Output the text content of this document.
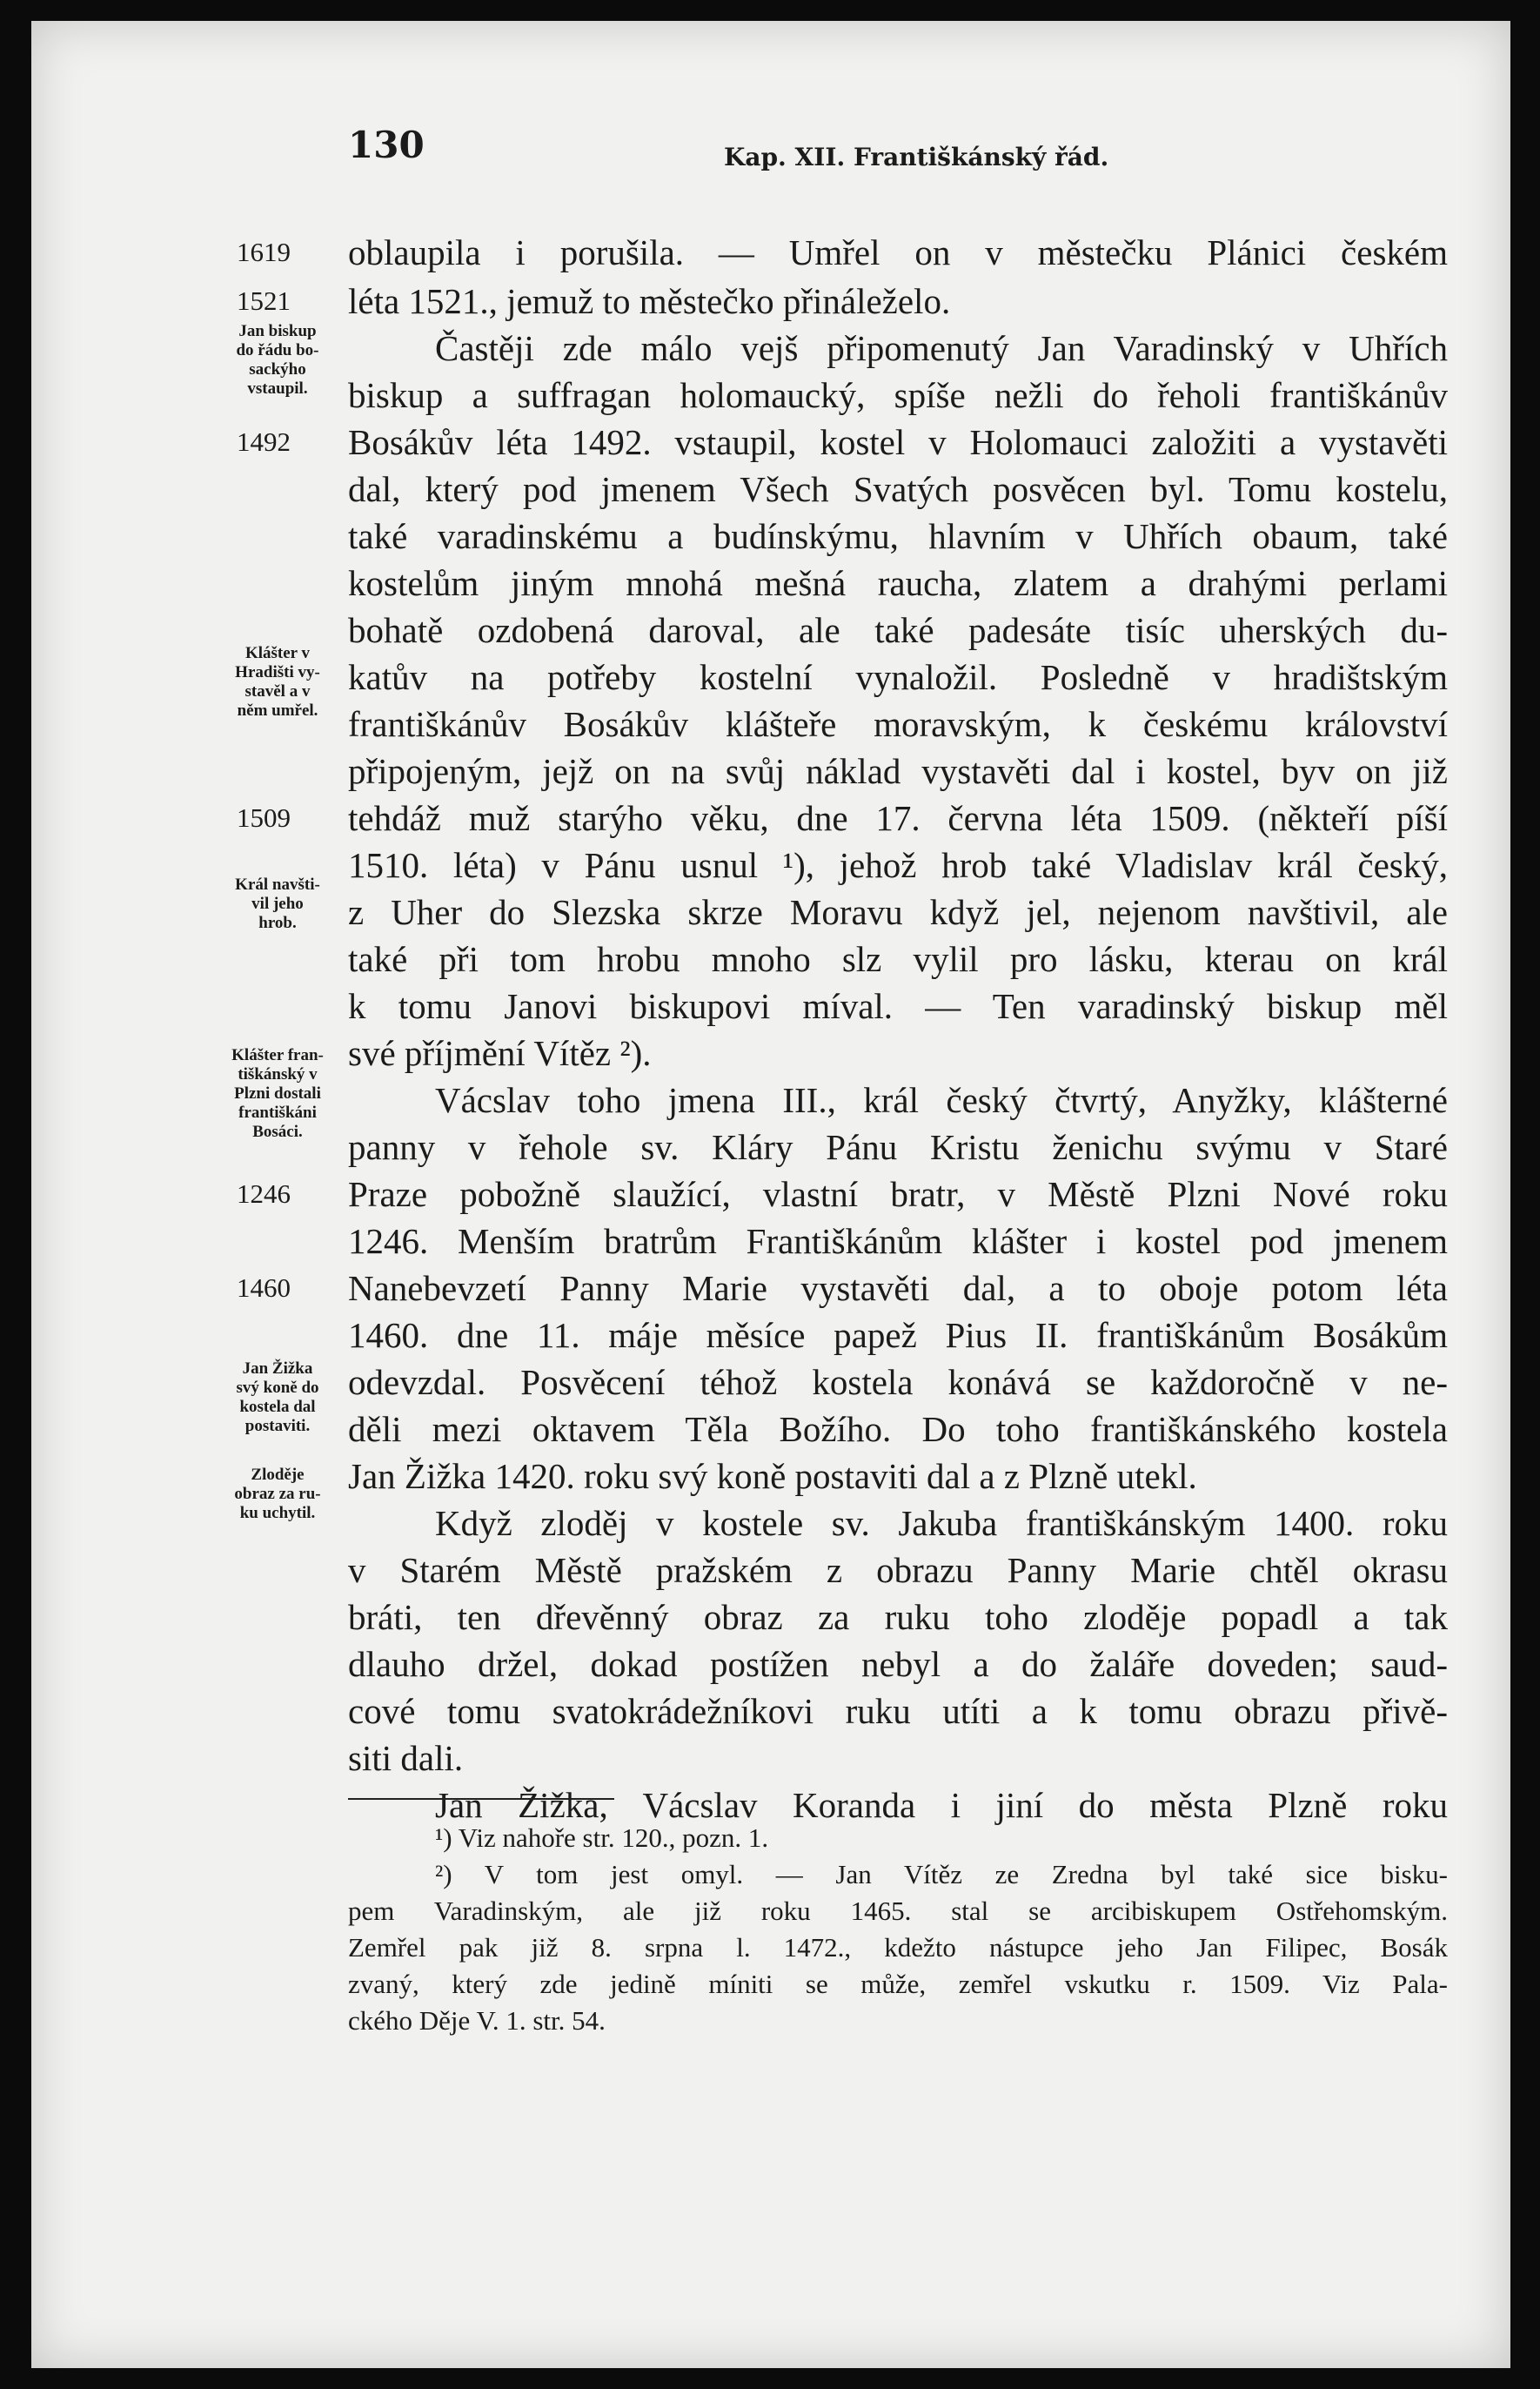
130	Kap. XII. Františkánský řád.
oblaupila i porušila. — Umřel on v městečku Plánici českém
léta 1521., jemuž to městečko přináleželo.
Častěji zde málo vejš připomenutý Jan Varadinský v Uhřích
biskup a suffragan holomaucký, spíše nežli do řeholi františkánův
Bosákův léta 1492. vstaupil, kostel v Holomauci založiti a vystavěti
dal, který pod jmenem Všech Svatých posvěcen byl. Tomu kostelu,
také varadinskému a budínskýmu, hlavním v Uhřích obaum, také
kostelům jiným mnohá mešná raucha, zlatem a drahými perlami
bohatě ozdobená daroval, ale také padesáte tisíc uherských du-
katův na potřeby kostelní vynaložil. Posledně v hradištským
františkánův Bosákův klášteře moravským, k českému království
připojeným, jejž on na svůj náklad vystavěti dal i kostel, byv on již
tehdáž muž starýho věku, dne 17. června léta 1509. (někteří píší
1510. léta) v Pánu usnul ¹), jehož hrob také Vladislav král český,
z Uher do Slezska skrze Moravu když jel, nejenom navštivil, ale
také při tom hrobu mnoho slz vylil pro lásku, kterau on král
k tomu Janovi biskupovi míval. — Ten varadinský biskup měl
své příjmění Vítěz ²).
Vácslav toho jmena III., král český čtvrtý, Anyžky, klášterné
panny v řehole sv. Kláry Pánu Kristu ženichu svýmu v Staré
Praze pobožně slaužící, vlastní bratr, v Městě Plzni Nové roku
1246. Menším bratrům Františkánům klášter i kostel pod jmenem
Nanebevzetí Panny Marie vystavěti dal, a to oboje potom léta
1460. dne 11. máje měsíce papež Pius II. františkánům Bosákům
odevzdal. Posvěcení téhož kostela konává se každoročně v ne-
děli mezi oktavem Těla Božího. Do toho františkánského kostela
Jan Žižka 1420. roku svý koně postaviti dal a z Plzně utekl.
Když zloděj v kostele sv. Jakuba františkánským 1400. roku
v Starém Městě pražském z obrazu Panny Marie chtěl okrasu
bráti, ten dřevěnný obraz za ruku toho zloděje popadl a tak
dlauho držel, dokad postížen nebyl a do žaláře doveden; saud-
cové tomu svatokrádežníkovi ruku utíti a k tomu obrazu přivě-
siti dali.
Jan Žižka, Vácslav Koranda i jiní do města Plzně roku
1619
1521
1492
1509
1246
1460
Jan biskup
do řádu bo-
sackýho
vstaupil.
Klášter v
Hradišti vy-
stavěl a v
něm umřel.
Král navšti-
vil jeho
hrob.
Klášter fran-
tiškánský v
Plzni dostali
františkáni
Bosáci.
Jan Žižka
svý koně do
kostela dal
postaviti.
Zloděje
obraz za ru-
ku uchytil.
¹) Viz nahoře str. 120., pozn. 1.
²) V tom jest omyl. — Jan Vítěz ze Zredna byl také sice bisku-
pem Varadinským, ale již roku 1465. stal se arcibiskupem Ostřehomským.
Zemřel pak již 8. srpna l. 1472., kdežto nástupce jeho Jan Filipec, Bosák
zvaný, který zde jedině míniti se může, zemřel vskutku r. 1509. Viz Pala-
ckého Děje V. 1. str. 54.
